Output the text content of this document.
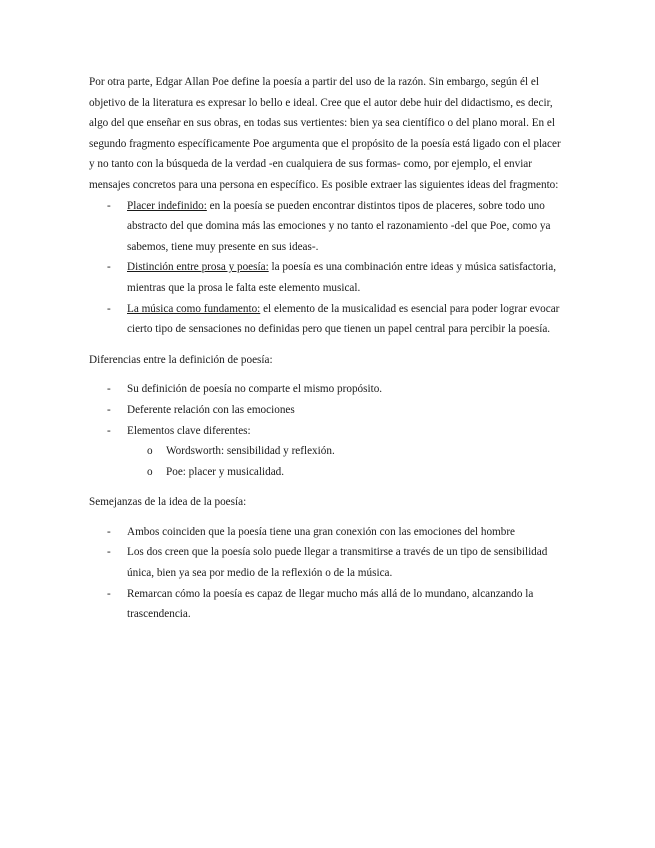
Por otra parte, Edgar Allan Poe define la poesía a partir del uso de la razón. Sin embargo, según él el objetivo de la literatura es expresar lo bello e ideal. Cree que el autor debe huir del didactismo, es decir, algo del que enseñar en sus obras, en todas sus vertientes: bien ya sea científico o del plano moral. En el segundo fragmento específicamente Poe argumenta que el propósito de la poesía está ligado con el placer y no tanto con la búsqueda de la verdad -en cualquiera de sus formas- como, por ejemplo, el enviar mensajes concretos para una persona en específico. Es posible extraer las siguientes ideas del fragmento:

- Placer indefinido: en la poesía se pueden encontrar distintos tipos de placeres, sobre todo uno abstracto del que domina más las emociones y no tanto el razonamiento -del que Poe, como ya sabemos, tiene muy presente en sus ideas-.
- Distinción entre prosa y poesía: la poesía es una combinación entre ideas y música satisfactoria, mientras que la prosa le falta este elemento musical.
- La música como fundamento: el elemento de la musicalidad es esencial para poder lograr evocar cierto tipo de sensaciones no definidas pero que tienen un papel central para percibir la poesía.

Diferencias entre la definición de poesía:

- Su definición de poesía no comparte el mismo propósito.
- Deferente relación con las emociones
- Elementos clave diferentes:
o Wordsworth: sensibilidad y reflexión.
o Poe: placer y musicalidad.

Semejanzas de la idea de la poesía:

- Ambos coinciden que la poesía tiene una gran conexión con las emociones del hombre
- Los dos creen que la poesía solo puede llegar a transmitirse a través de un tipo de sensibilidad única, bien ya sea por medio de la reflexión o de la música.
- Remarcan cómo la poesía es capaz de llegar mucho más allá de lo mundano, alcanzando la trascendencia.
